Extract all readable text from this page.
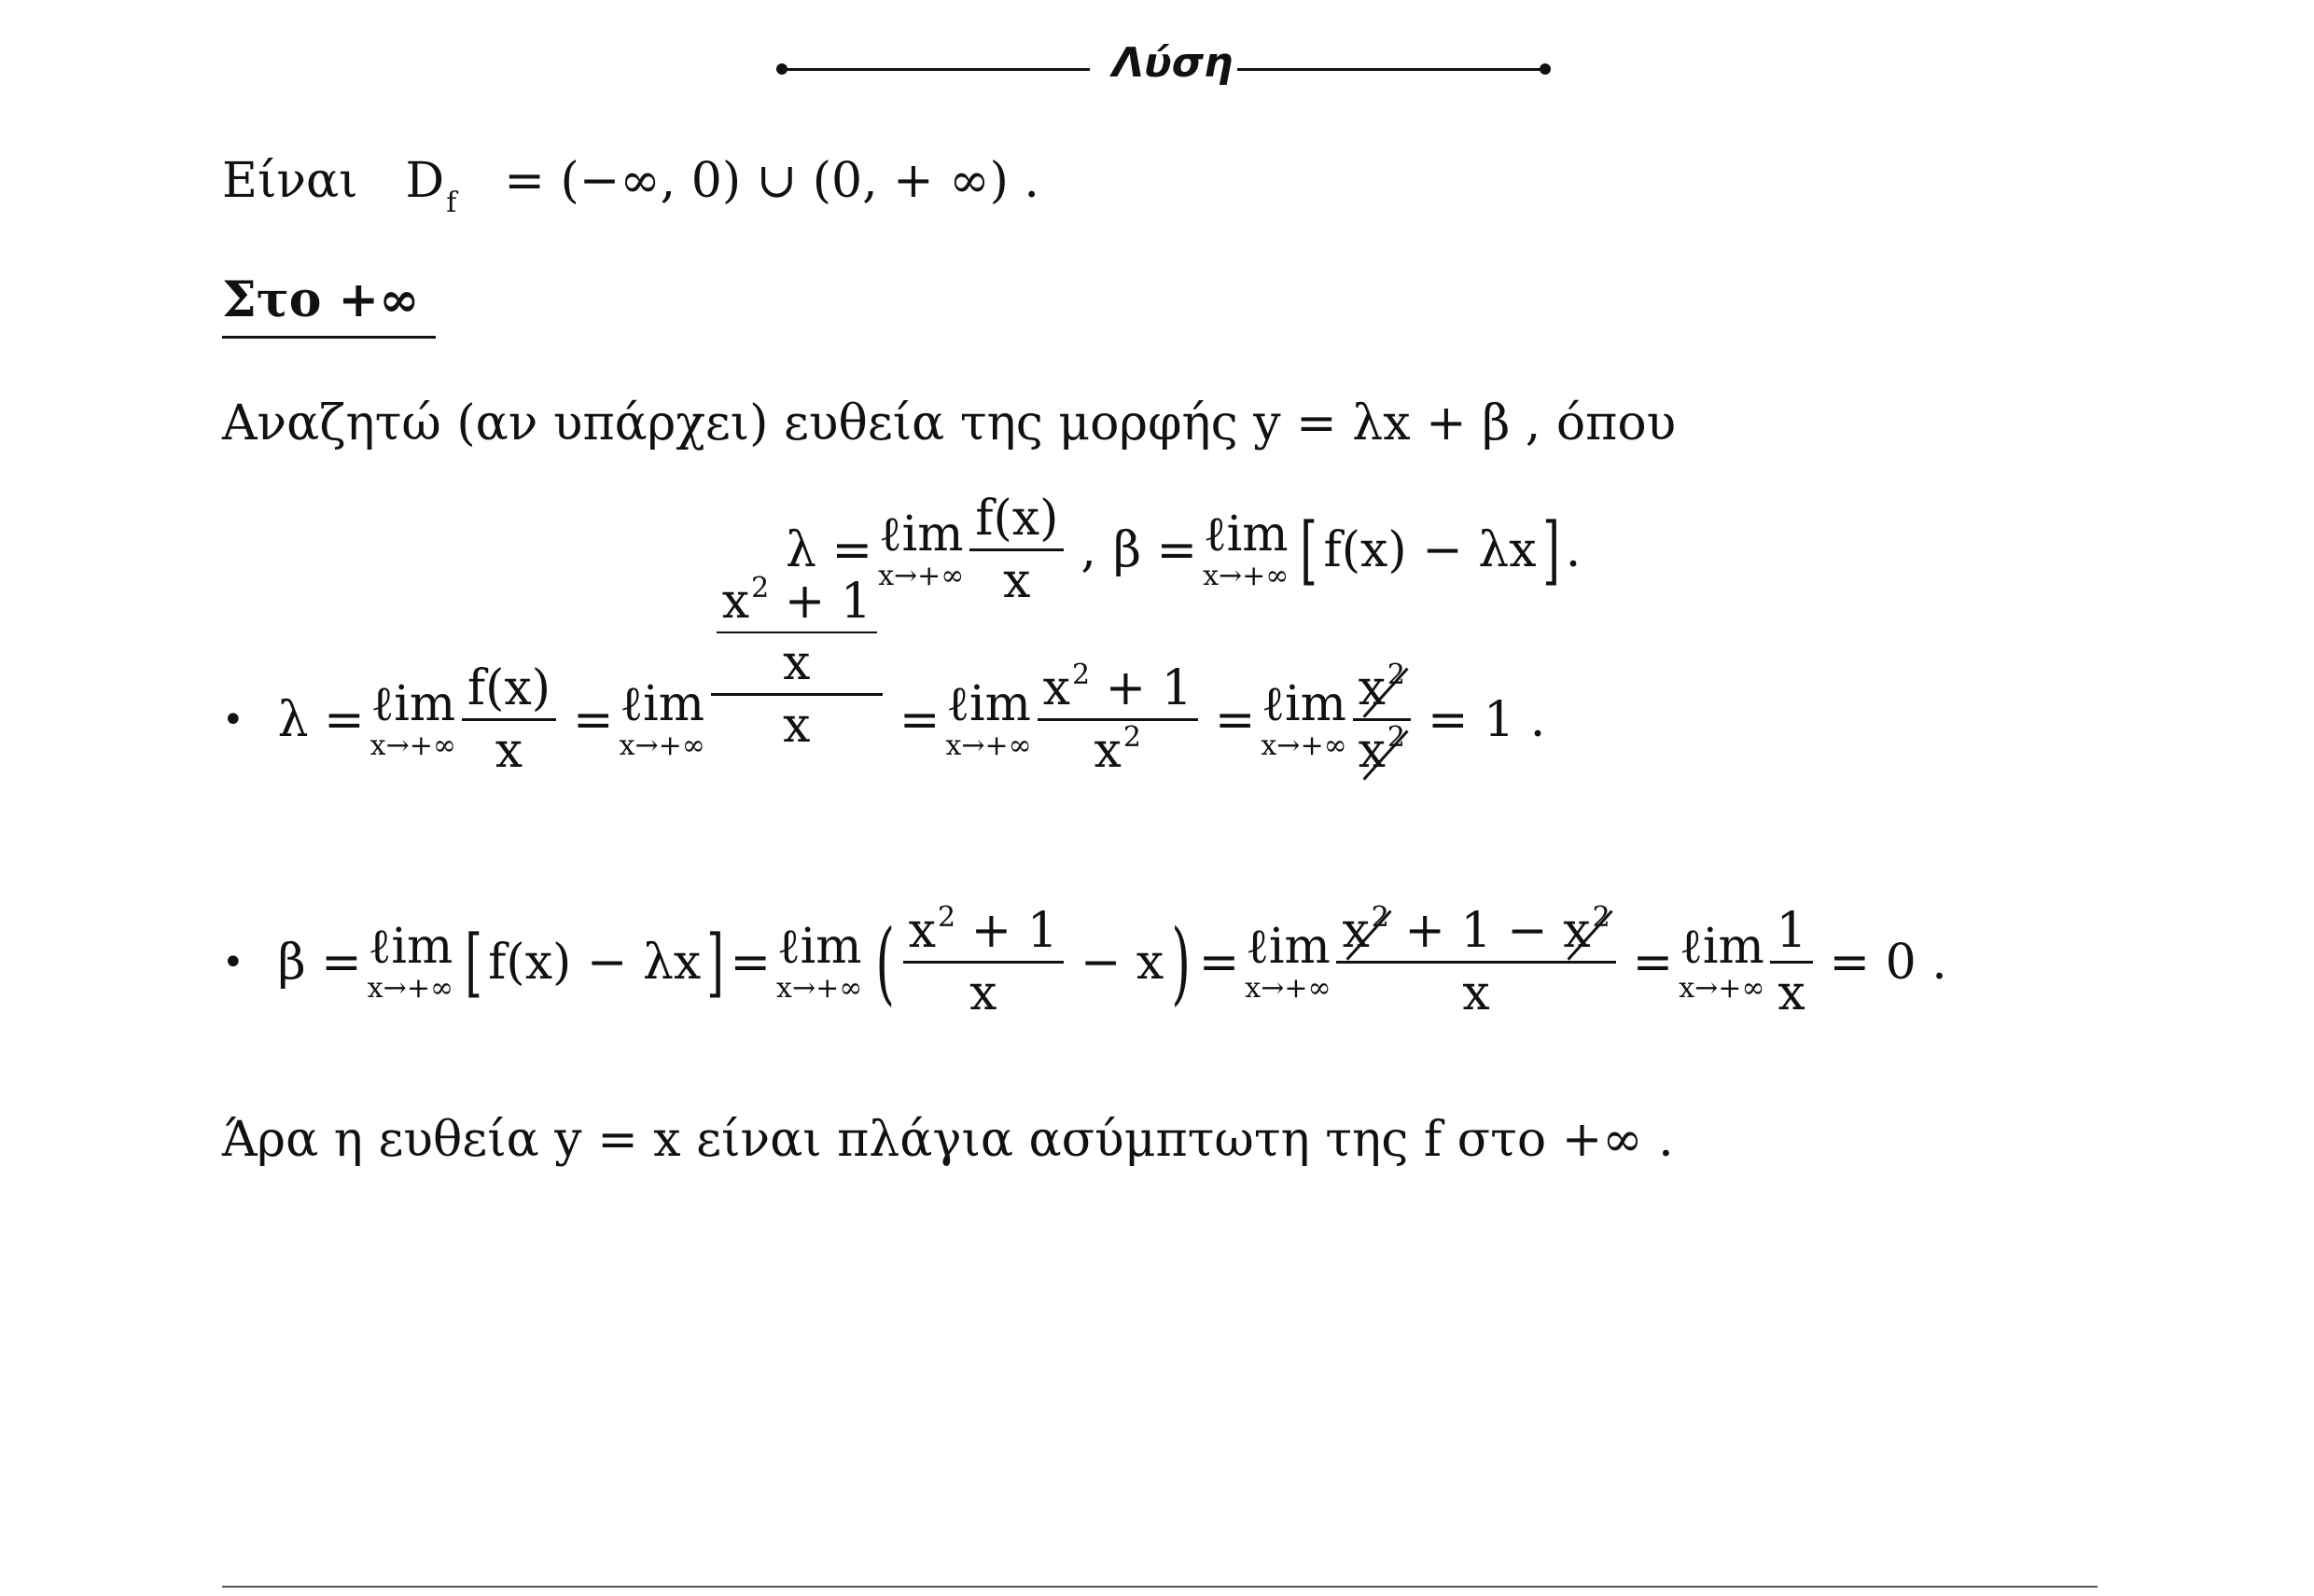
Λύση
Είναι $D_f$ = (−∞, 0) ∪ (0, + ∞) .
Στο +∞
Αναζητώ (αν υπάρχει) ευθεία της μορφής y = λx + β , όπου
λ = ℓim
$x\to+\infty \frac{f(x)}{x}$ , β = ℓim
x→+∞ [ f(x) − λx ] .
• λ = ℓim
$x\to+\infty \frac{f(x)}{x}$ = ℓim
$x\to+\infty \frac{\frac{x^2 + 1}{x}}{x}$ = ℓim
$x\to+\infty \frac{x^2 + 1}{x^2}$ = ℓim
$x\to+\infty \frac{x^2}{x^2} = 1$ .
• β = ℓim
x→+∞ [ f(x) − λx ] = ℓim
x→+∞ ( $\frac{x^2 + 1}{x} - x$ ) = ℓim
$x\to+\infty \frac{x^2 + 1 - x^2}{x}$ = ℓim
$x\to+\infty \frac{1}{x} = 0$ .
Άρα η ευθεία y = x είναι πλάγια ασύμπτωτη της f στο +∞ .
